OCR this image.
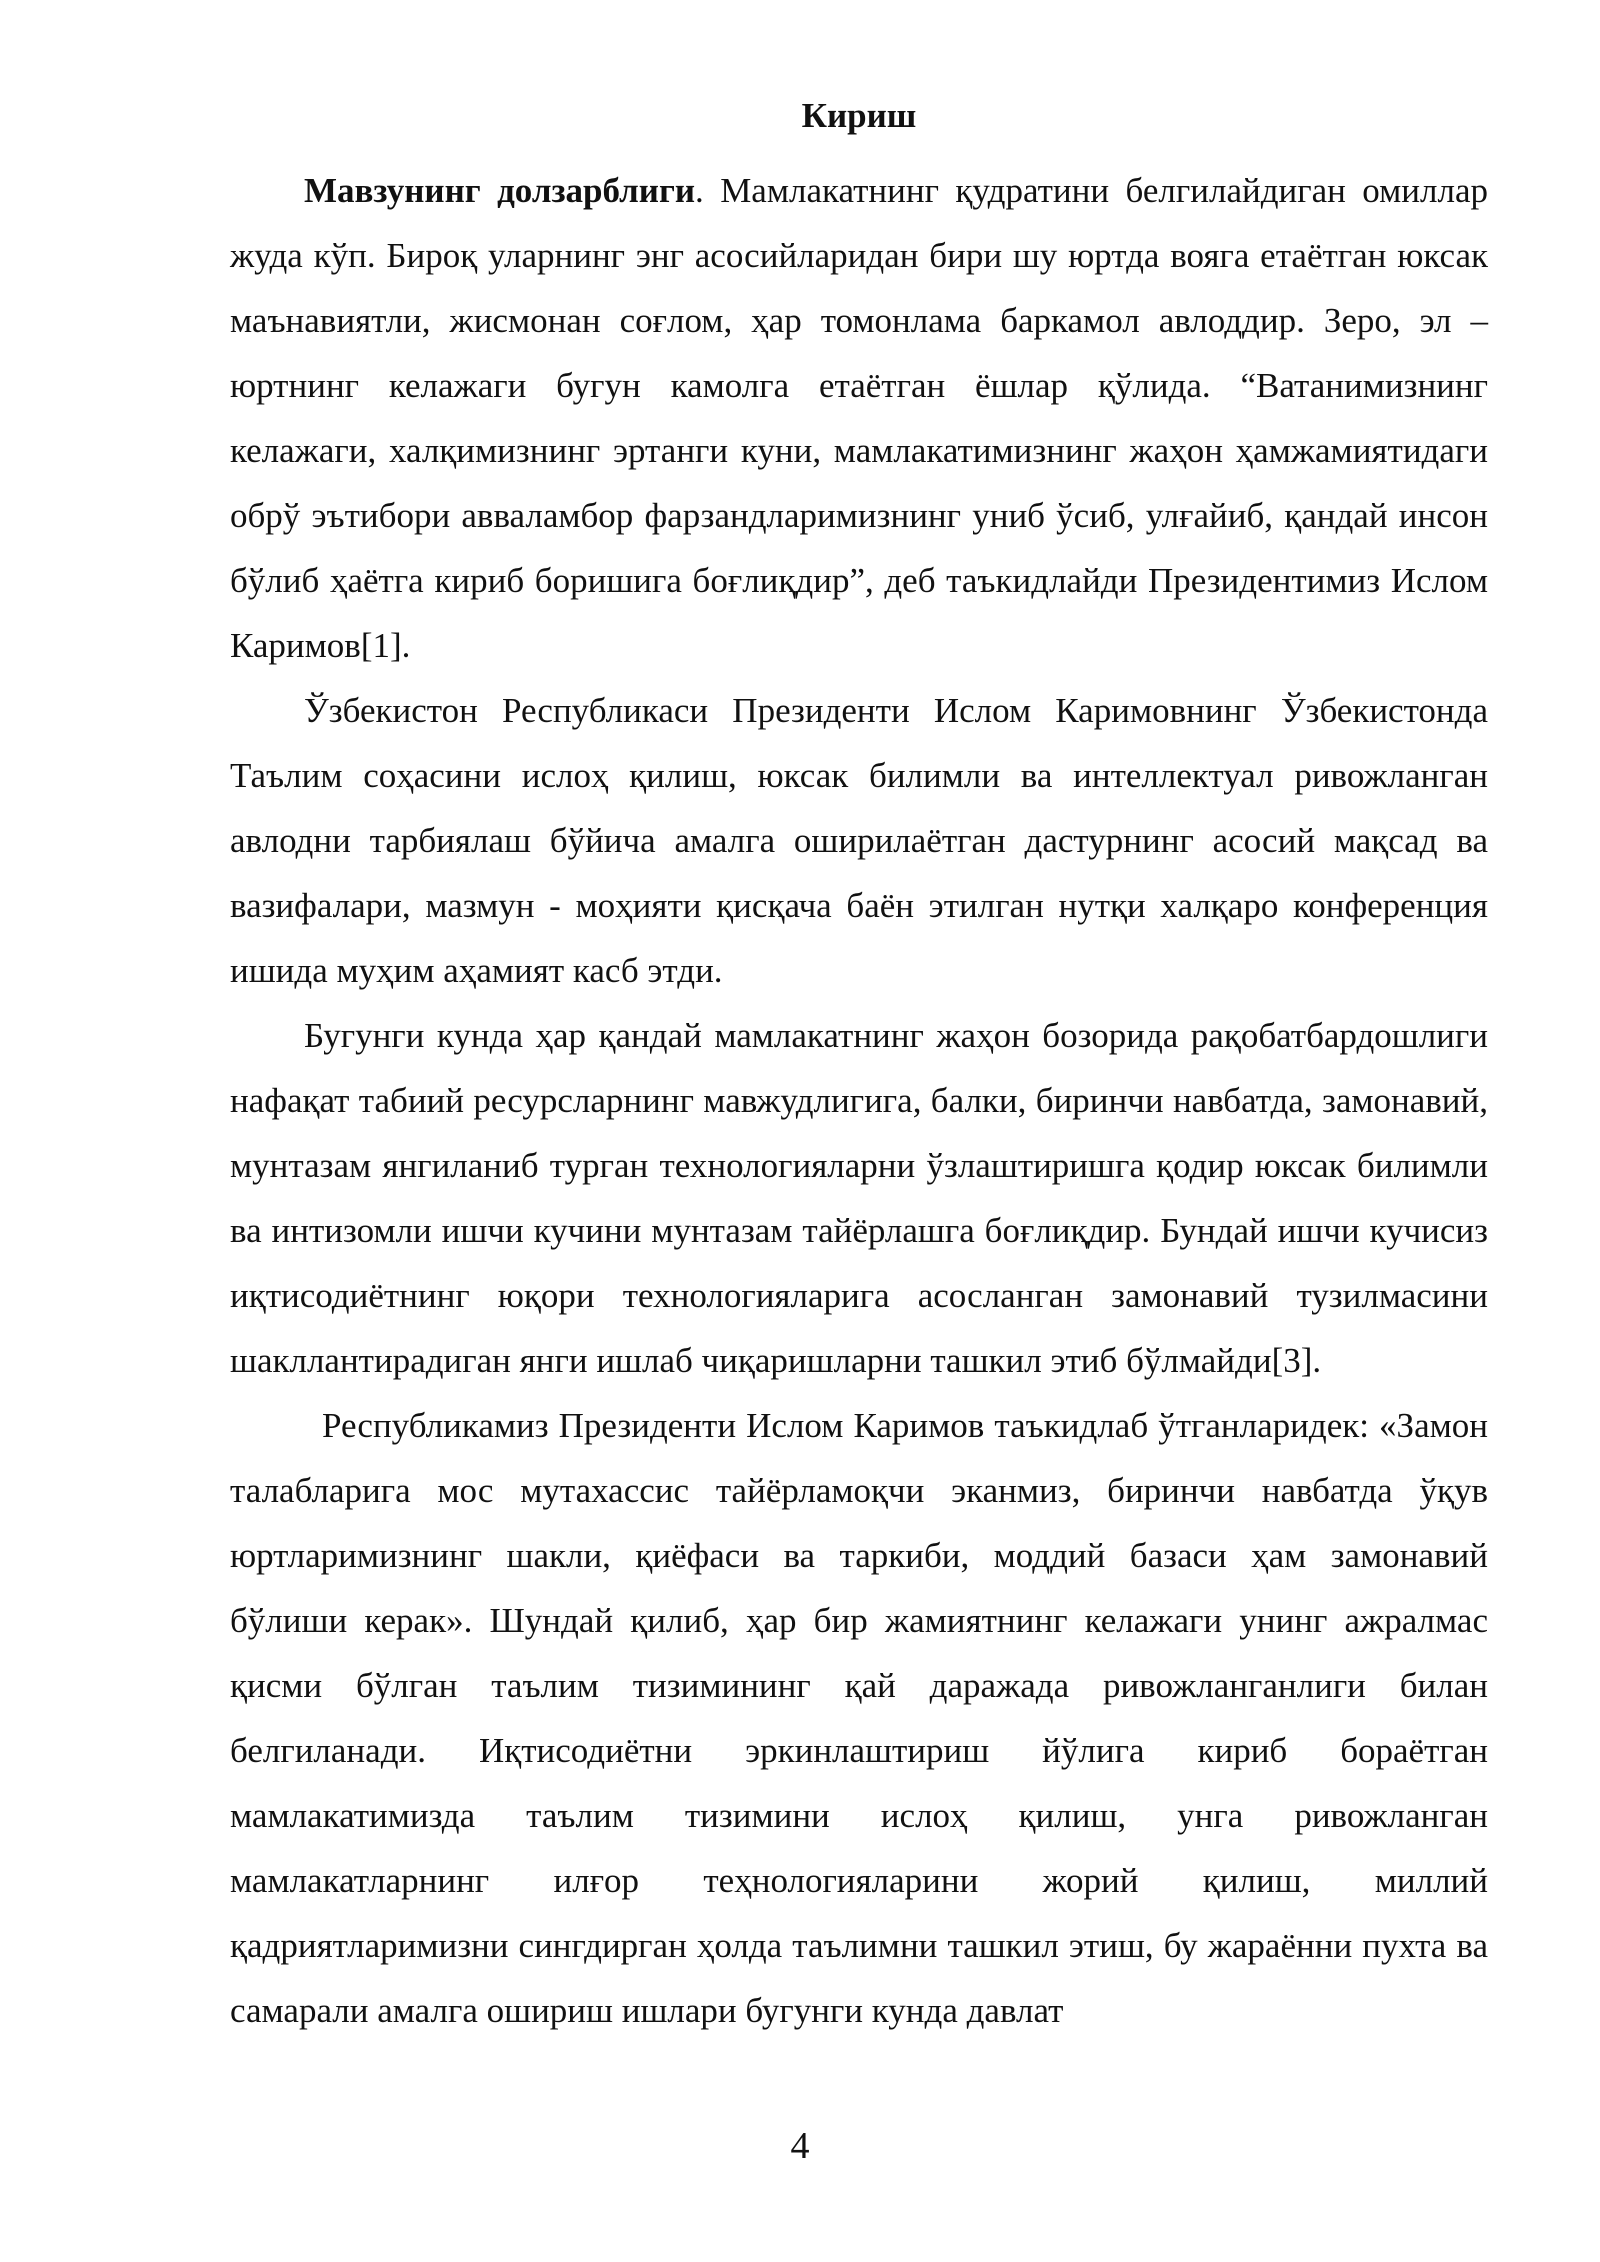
Кириш

Мавзунинг долзарблиги. Мамлакатнинг қудратини белгилайдиган омиллар жуда кўп. Бироқ уларнинг энг асосийларидан бири шу юртда вояга етаётган юксак маънавиятли, жисмонан соғлом, ҳар томонлама баркамол авлоддир. Зеро, эл – юртнинг келажаги бугун камолга етаётган ёшлар қўлида. “Ватанимизнинг келажаги, халқимизнинг эртанги куни, мамлакатимизнинг жаҳон ҳамжамиятидаги обрў эътибори авваламбор фарзандларимизнинг униб ўсиб, улғайиб, қандай инсон бўлиб ҳаётга кириб боришига боғлиқдир”, деб таъкидлайди Президентимиз Ислом Каримов[1].

Ўзбекистон Республикаси Президенти Ислом Каримовнинг Ўзбекистонда Таълим соҳасини ислоҳ қилиш, юксак билимли ва интеллектуал ривожланган авлодни тарбиялаш бўйича амалга оширилаётган дастурнинг асосий мақсад ва вазифалари, мазмун - моҳияти қисқача баён этилган нутқи халқаро конференция ишида муҳим аҳамият касб этди.

Бугунги кунда ҳар қандай мамлакатнинг жаҳон бозорида рақобатбардошлиги нафақат табиий ресурсларнинг мавжудлигига, балки, биринчи навбатда, замонавий, мунтазам янгиланиб турган технологияларни ўзлаштиришга қодир юксак билимли ва интизомли ишчи кучини мунтазам тайёрлашга боғлиқдир. Бундай ишчи кучисиз иқтисодиётнинг юқори технологияларига асосланган замонавий тузилмасини шакллантирадиган янги ишлаб чиқаришларни ташкил этиб бўлмайди[3].

Республикамиз Президенти Ислом Каримов таъкидлаб ўтганларидек: «Замон талабларига мос мутахассис тайёрламоқчи эканмиз, биринчи навбатда ўқув юртларимизнинг шакли, қиёфаси ва таркиби, моддий базаси ҳам замонавий бўлиши керак». Шундай қилиб, ҳар бир жамиятнинг келажаги унинг ажралмас қисми бўлган таълим тизимининг қай даражада ривожланганлиги билан белгиланади. Иқтисодиётни эркинлаштириш йўлига кириб бораётган мамлакатимизда таълим тизимини ислоҳ қилиш, унга ривожланган мамлакатларнинг илғор теҳнологияларини жорий қилиш, миллий қадриятларимизни сингдирган ҳолда таълимни ташкил этиш, бу жараённи пухта ва самарали амалга ошириш ишлари бугунги кунда давлат

4
